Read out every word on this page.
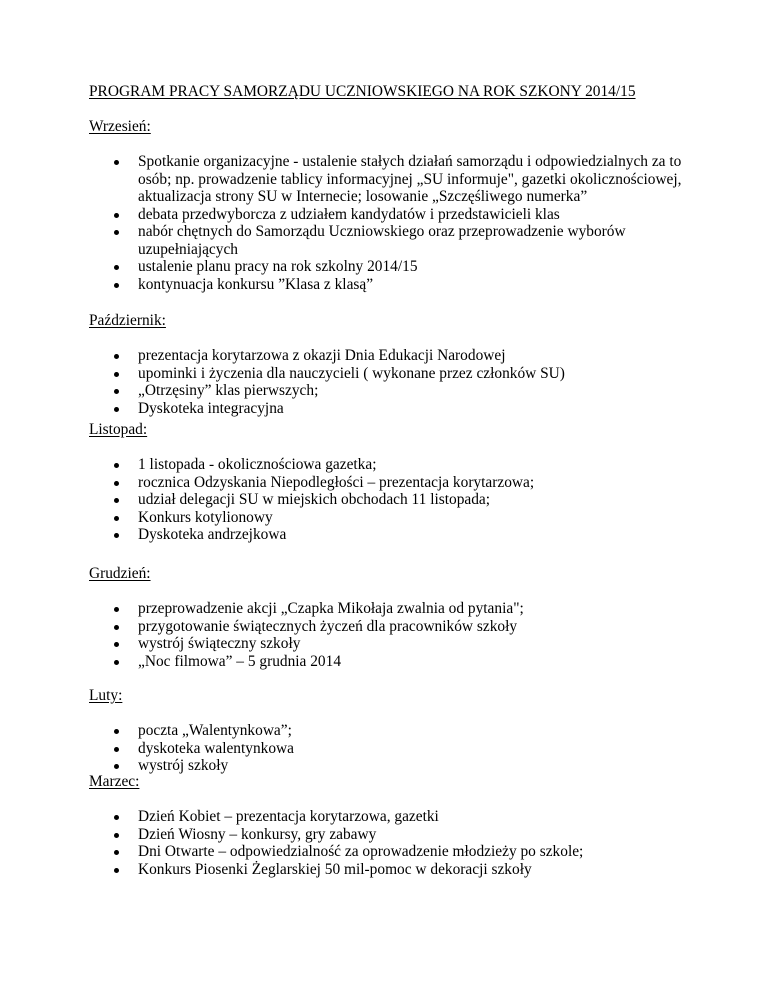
PROGRAM PRACY SAMORZĄDU UCZNIOWSKIEGO NA ROK SZKONY 2014/15

Wrzesień:

Spotkanie organizacyjne - ustalenie stałych działań samorządu i odpowiedzialnych za to osób; np. prowadzenie tablicy informacyjnej „SU informuje", gazetki okolicznościowej, aktualizacja strony SU w Internecie; losowanie „Szczęśliwego numerka”
debata przedwyborcza z udziałem kandydatów i przedstawicieli klas
nabór chętnych do Samorządu Uczniowskiego oraz przeprowadzenie wyborów uzupełniających
ustalenie planu pracy na rok szkolny 2014/15
kontynuacja konkursu ”Klasa z klasą”

Październik:

prezentacja korytarzowa z okazji Dnia Edukacji Narodowej
upominki i życzenia dla nauczycieli ( wykonane przez członków SU)
„Otrzęsiny” klas pierwszych;
Dyskoteka integracyjna

Listopad:

1 listopada - okolicznościowa gazetka;
rocznica Odzyskania Niepodległości – prezentacja korytarzowa;
udział delegacji SU w miejskich obchodach 11 listopada;
Konkurs kotylionowy
Dyskoteka andrzejkowa

Grudzień:

przeprowadzenie akcji „Czapka Mikołaja zwalnia od pytania";
przygotowanie świątecznych życzeń dla pracowników szkoły
wystrój świąteczny szkoły
„Noc filmowa” – 5 grudnia 2014

Luty:

poczta „Walentynkowa”;
dyskoteka walentynkowa
wystrój szkoły

Marzec:

Dzień Kobiet – prezentacja korytarzowa, gazetki
Dzień Wiosny – konkursy, gry zabawy
Dni Otwarte – odpowiedzialność za oprowadzenie młodzieży po szkole;
Konkurs Piosenki Żeglarskiej 50 mil-pomoc w dekoracji szkoły
